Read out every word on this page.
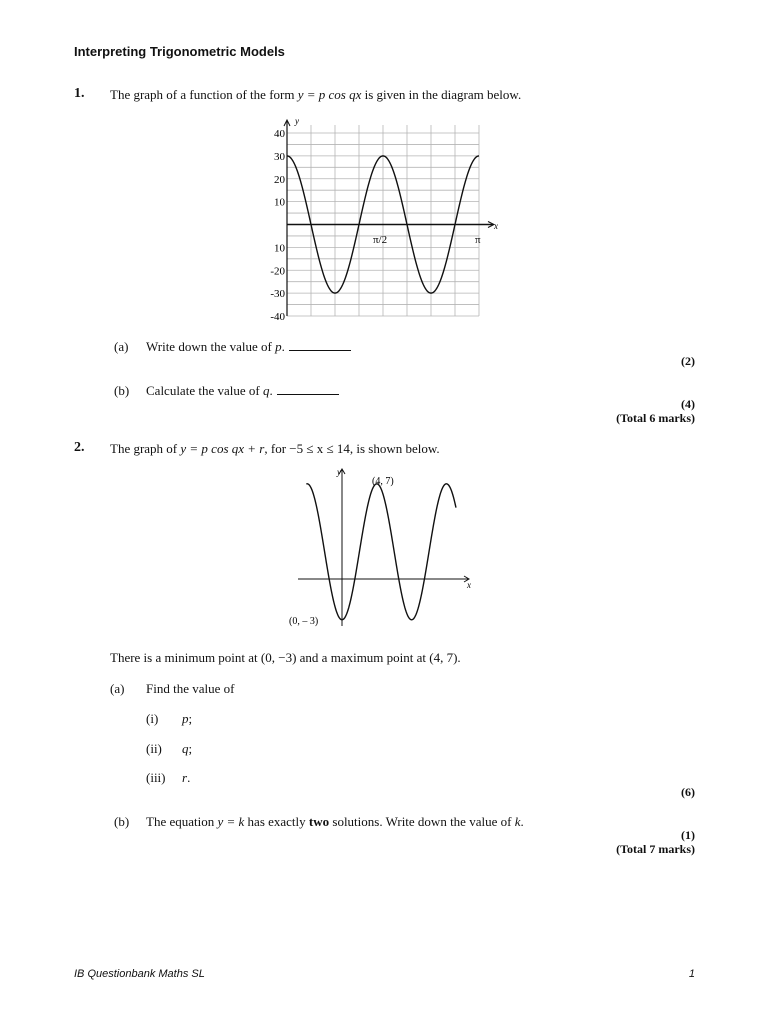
Interpreting Trigonometric Models
1. The graph of a function of the form y = p cos qx is given in the diagram below.
y
x
40
30
20
10
10
-20
-30
-40
π/2	π
(a) Write down the value of p.
(2)
(b) Calculate the value of q.
(4)
(Total 6 marks)
2. The graph of y = p cos qx + r, for −5 ≤ x ≤ 14, is shown below.
y
x
(4, 7)
(0, – 3)
There is a minimum point at (0, −3) and a maximum point at (4, 7).
(a) Find the value of
(i) p;
(ii) q;
(iii) r.
(6)
(b) The equation y = k has exactly two solutions. Write down the value of k.
(1)
(Total 7 marks)
IB Questionbank Maths SL	1
